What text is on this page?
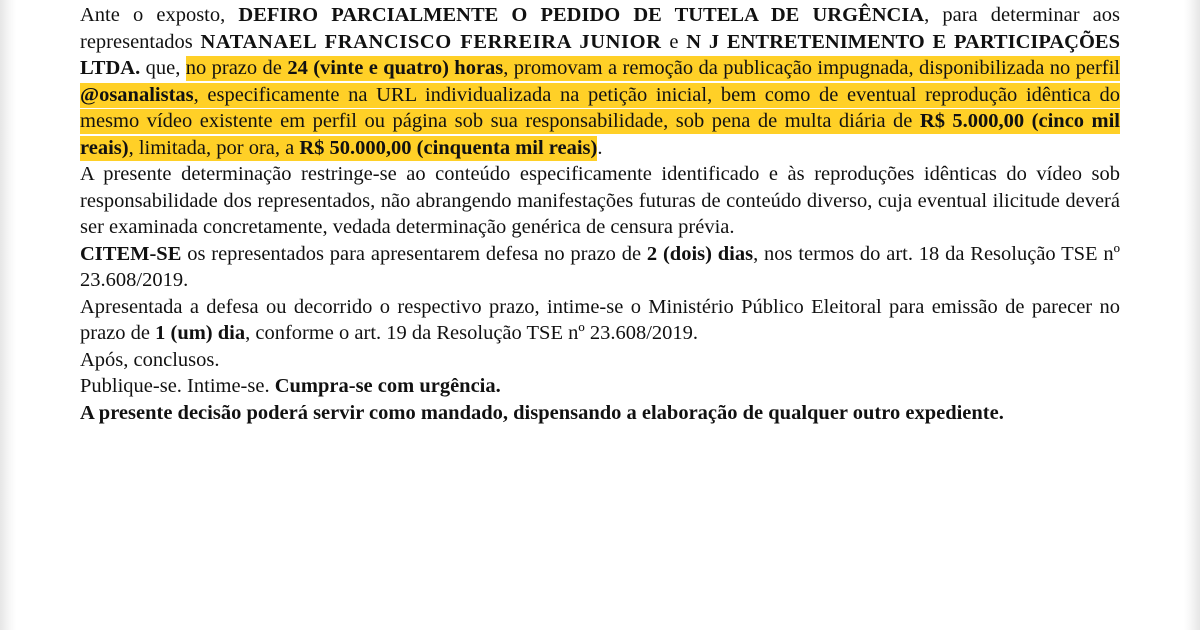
Ante o exposto, DEFIRO PARCIALMENTE O PEDIDO DE TUTELA DE URGÊNCIA, para determinar aos representados NATANAEL FRANCISCO FERREIRA JUNIOR e N J ENTRETENIMENTO E PARTICIPAÇÕES LTDA. que, no prazo de 24 (vinte e quatro) horas, promovam a remoção da publicação impugnada, disponibilizada no perfil @osanalistas, especificamente na URL individualizada na petição inicial, bem como de eventual reprodução idêntica do mesmo vídeo existente em perfil ou página sob sua responsabilidade, sob pena de multa diária de R$ 5.000,00 (cinco mil reais), limitada, por ora, a R$ 50.000,00 (cinquenta mil reais).

A presente determinação restringe-se ao conteúdo especificamente identificado e às reproduções idênticas do vídeo sob responsabilidade dos representados, não abrangendo manifestações futuras de conteúdo diverso, cuja eventual ilicitude deverá ser examinada concretamente, vedada determinação genérica de censura prévia.

CITEM-SE os representados para apresentarem defesa no prazo de 2 (dois) dias, nos termos do art. 18 da Resolução TSE nº 23.608/2019.

Apresentada a defesa ou decorrido o respectivo prazo, intime-se o Ministério Público Eleitoral para emissão de parecer no prazo de 1 (um) dia, conforme o art. 19 da Resolução TSE nº 23.608/2019.

Após, conclusos.

Publique-se. Intime-se. Cumpra-se com urgência.

A presente decisão poderá servir como mandado, dispensando a elaboração de qualquer outro expediente.
